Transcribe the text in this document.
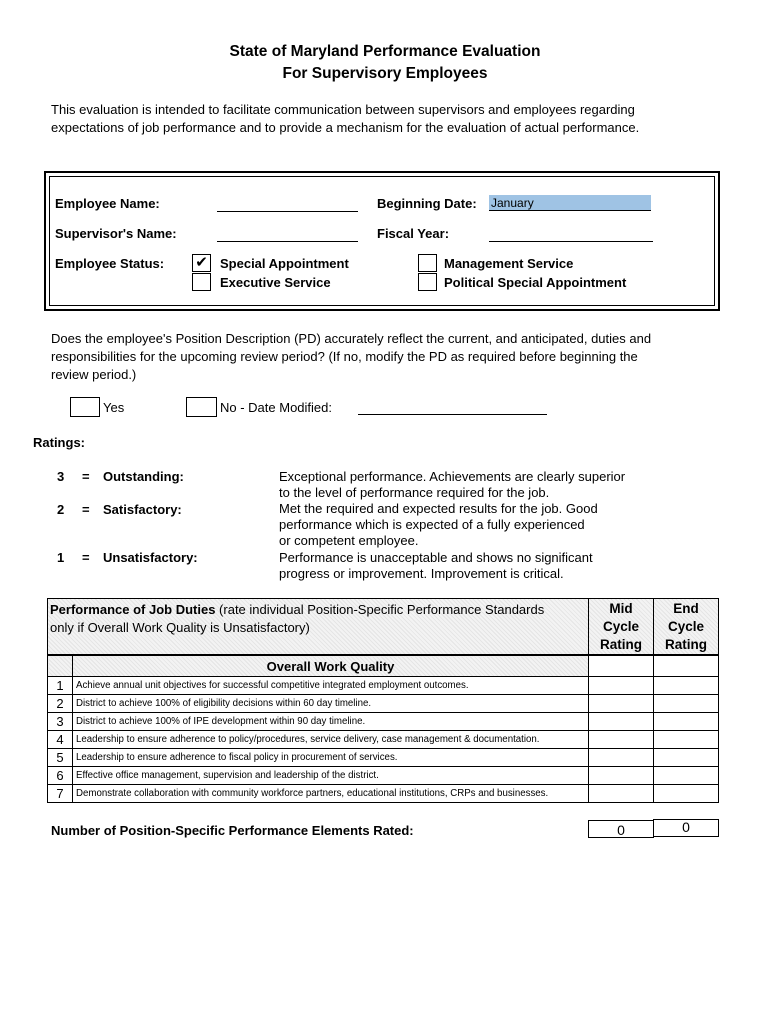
State of Maryland Performance Evaluation
For Supervisory Employees
This evaluation is intended to facilitate communication between supervisors and employees regarding
expectations of job performance and to provide a mechanism for the evaluation of actual performance.
Employee Name:	Beginning Date: January
Supervisor's Name:	Fiscal Year:
Employee Status: ✔ Special Appointment
Executive Service
Management Service
Political Special Appointment
Does the employee's Position Description (PD) accurately reflect the current, and anticipated, duties and
responsibilities for the upcoming review period? (If no, modify the PD as required before beginning the
review period.)
Yes	No - Date Modified:
Ratings:
3 = Outstanding:	Exceptional performance. Achievements are clearly superior
to the level of performance required for the job.
2 = Satisfactory:	Met the required and expected results for the job. Good
performance which is expected of a fully experienced
or competent employee.
1 = Unsatisfactory:	Performance is unacceptable and shows no significant
progress or improvement. Improvement is critical.
Performance of Job Duties (rate individual Position-Specific Performance Standards
only if Overall Work Quality is Unsatisfactory)
Mid
Cycle
Rating
End
Cycle
Rating
	Overall Work Quality		
1	Achieve annual unit objectives for successful competitive integrated employment outcomes.		
2	District to achieve 100% of eligibility decisions within 60 day timeline.		
3	District to achieve 100% of IPE development within 90 day timeline.		
4	Leadership to ensure adherence to policy/procedures, service delivery, case management & documentation.		
5	Leadership to ensure adherence to fiscal policy in procurement of services.		
6	Effective office management, supervision and leadership of the district.		
7	Demonstrate collaboration with community workforce partners, educational institutions, CRPs and businesses.		
Number of Position-Specific Performance Elements Rated:	0	0
